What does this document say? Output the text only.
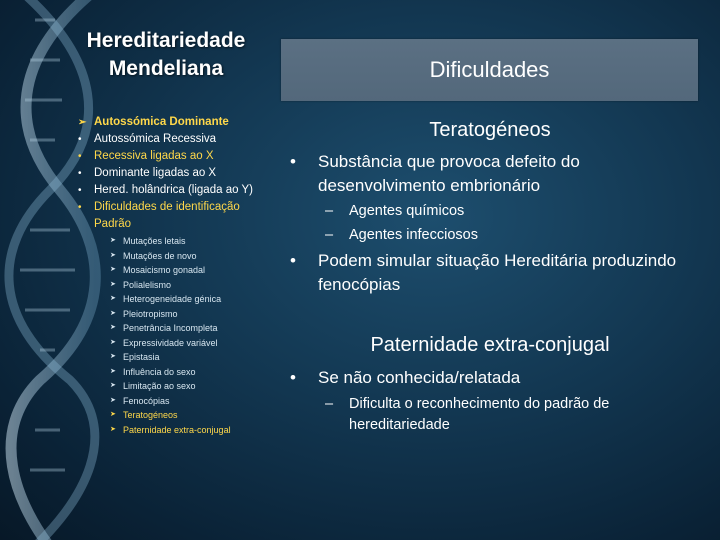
Hereditariedade Mendeliana
➢ Autossómica Dominante
•	Autossómica Recessiva
•	Recessiva ligadas ao X
•	Dominante ligadas ao X
•	Hered. holândrica (ligada ao Y)
•	Dificuldades de identificação Padrão
➤ Mutações letais
➤ Mutações de novo
➤ Mosaicismo gonadal
➤ Polialelismo
➤ Heterogeneidade génica
➤ Pleiotropismo
➤ Penetrância Incompleta
➤ Expressividade variável
➤ Epistasia
➤ Influência do sexo
➤ Limitação ao sexo
➤ Fenocópias
➤ Teratogéneos
➤ Paternidade extra-conjugal
Dificuldades
Teratogéneos
•	Substância que provoca defeito do desenvolvimento embrionário
–	Agentes químicos
–	Agentes infecciosos
•	Podem simular situação Hereditária produzindo fenocópias
Paternidade extra-conjugal
•	Se não conhecida/relatada
–	Dificulta o reconhecimento do padrão de hereditariedade
